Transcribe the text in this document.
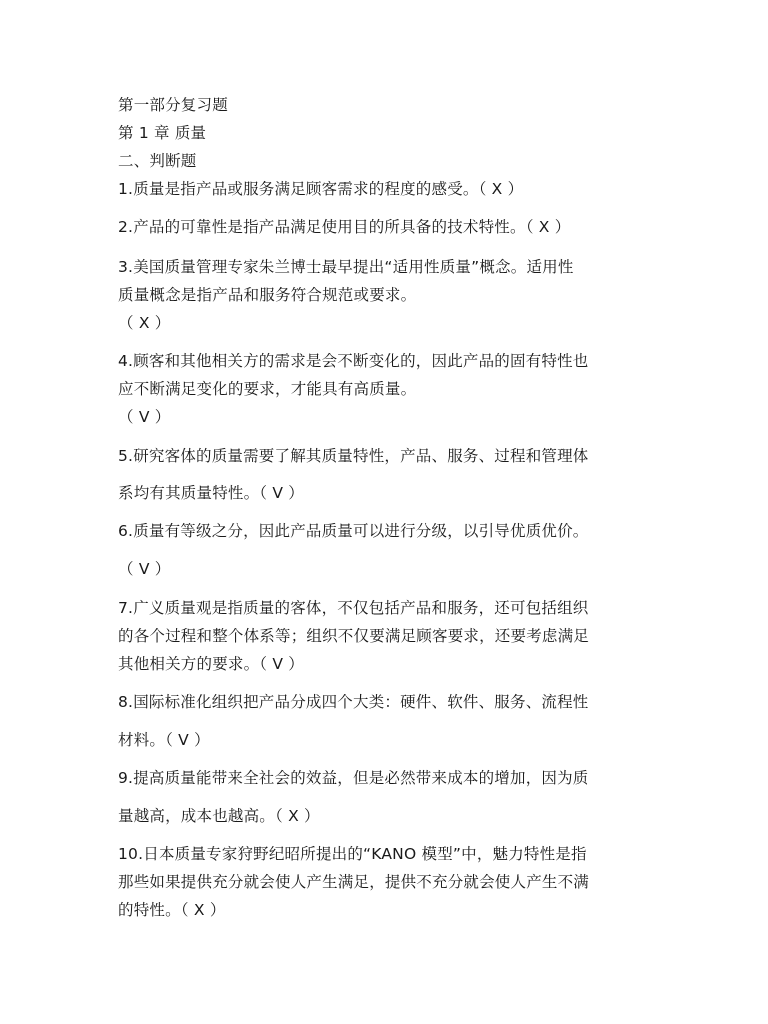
第一部分复习题
第 1 章 质量
二、判断题
1.质量是指产品或服务满足顾客需求的程度的感受。（ X ）
2.产品的可靠性是指产品满足使用目的所具备的技术特性。（ X ）
3.美国质量管理专家朱兰博士最早提出“适用性质量”概念。适用性
质量概念是指产品和服务符合规范或要求。
（ X ）
4.顾客和其他相关方的需求是会不断变化的，因此产品的固有特性也
应不断满足变化的要求，才能具有高质量。
（ V ）
5.研究客体的质量需要了解其质量特性，产品、服务、过程和管理体
系均有其质量特性。（ V ）
6.质量有等级之分，因此产品质量可以进行分级，以引导优质优价。
（ V ）
7.广义质量观是指质量的客体，不仅包括产品和服务，还可包括组织
的各个过程和整个体系等；组织不仅要满足顾客要求，还要考虑满足
其他相关方的要求。（ V ）
8.国际标准化组织把产品分成四个大类：硬件、软件、服务、流程性
材料。（ V ）
9.提高质量能带来全社会的效益，但是必然带来成本的增加，因为质
量越高，成本也越高。（ X ）
10.日本质量专家狩野纪昭所提出的“KANO 模型”中，魅力特性是指
那些如果提供充分就会使人产生满足，提供不充分就会使人产生不满
的特性。（ X ）
